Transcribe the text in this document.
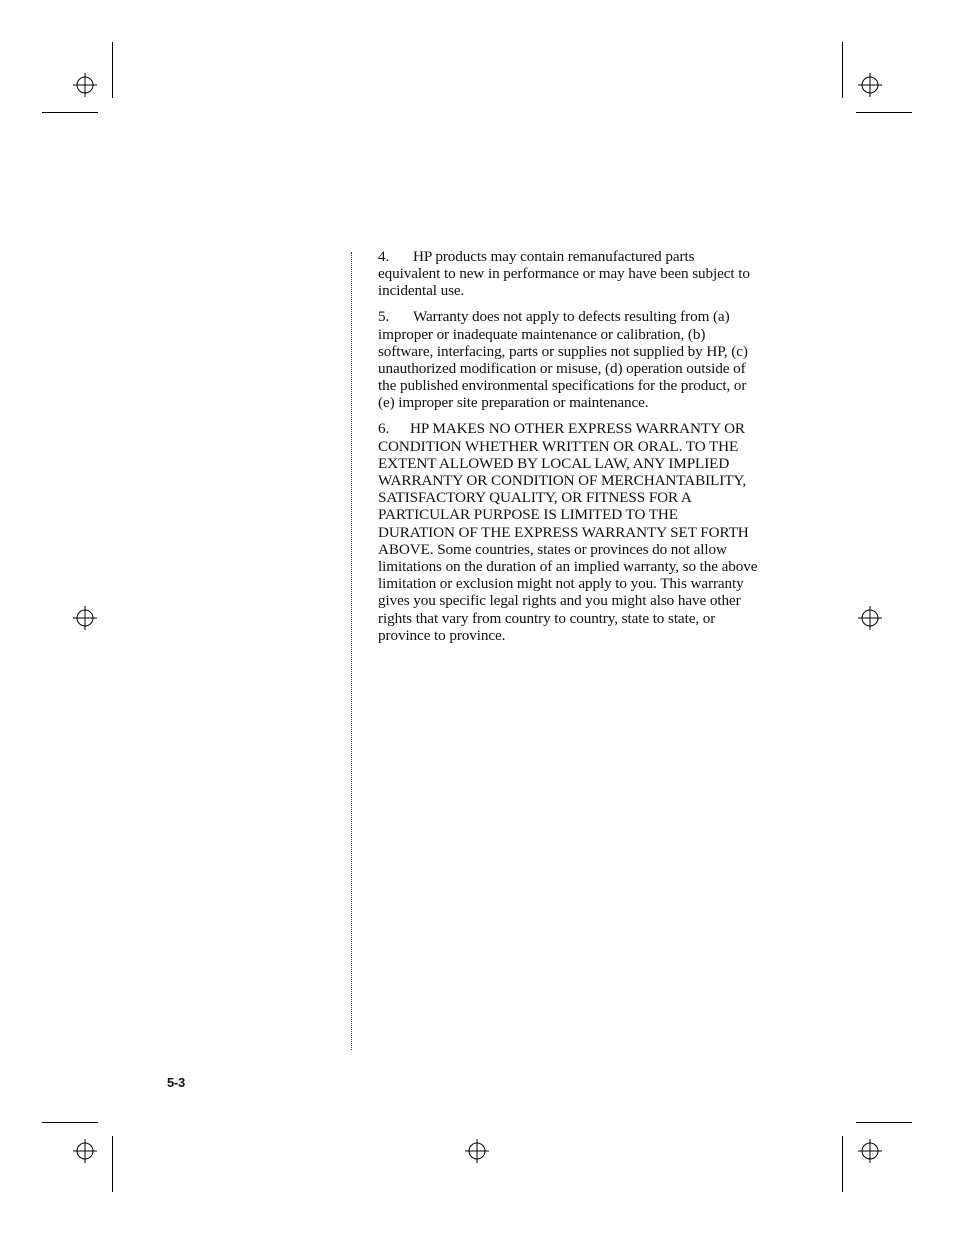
4. HP products may contain remanufactured parts equivalent to new in performance or may have been subject to incidental use.

5. Warranty does not apply to defects resulting from (a) improper or inadequate maintenance or calibration, (b) software, interfacing, parts or supplies not supplied by HP, (c) unauthorized modification or misuse, (d) operation outside of the published environmental specifications for the product, or (e) improper site preparation or maintenance.

6. HP MAKES NO OTHER EXPRESS WARRANTY OR CONDITION WHETHER WRITTEN OR ORAL. TO THE EXTENT ALLOWED BY LOCAL LAW, ANY IMPLIED WARRANTY OR CONDITION OF MERCHANTABILITY, SATISFACTORY QUALITY, OR FITNESS FOR A PARTICULAR PURPOSE IS LIMITED TO THE DURATION OF THE EXPRESS WARRANTY SET FORTH ABOVE. Some countries, states or provinces do not allow limitations on the duration of an implied warranty, so the above limitation or exclusion might not apply to you. This warranty gives you specific legal rights and you might also have other rights that vary from country to country, state to state, or province to province.

5-3
